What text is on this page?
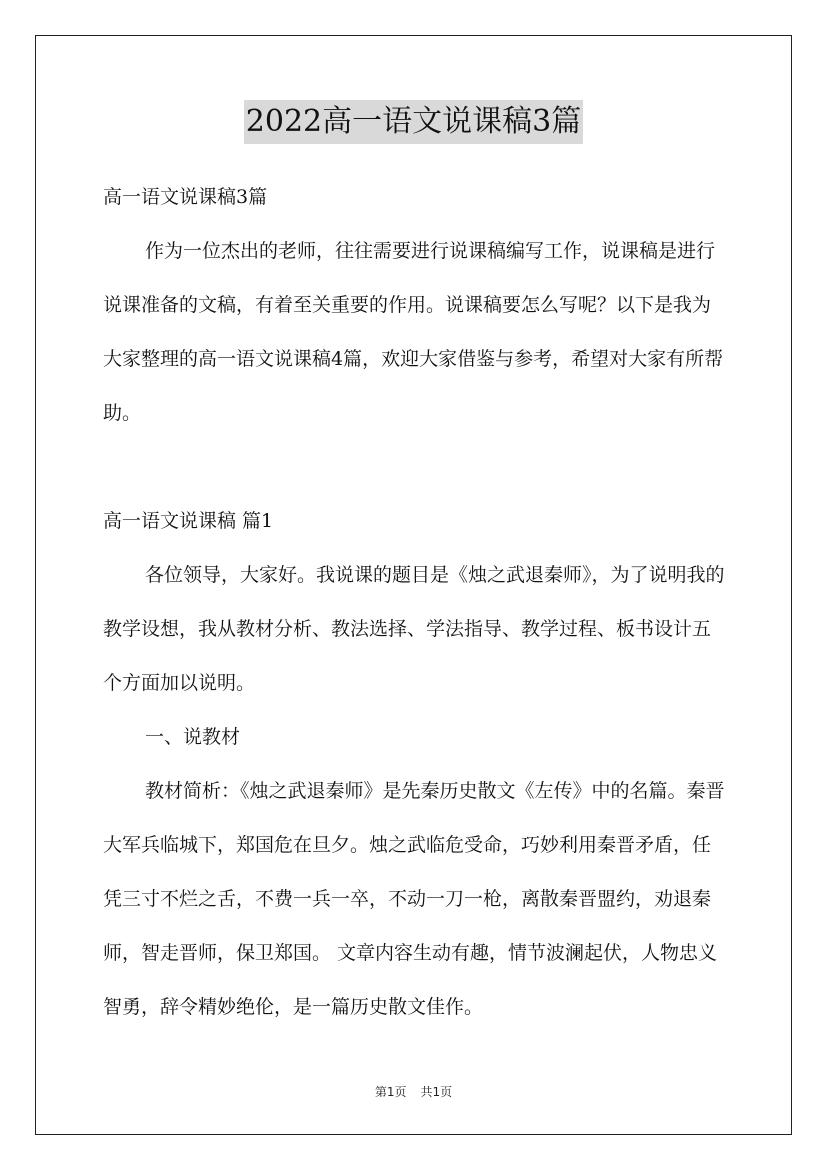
2022高一语文说课稿3篇

高一语文说课稿3篇

作为一位杰出的老师，往往需要进行说课稿编写工作，说课稿是进行说课准备的文稿，有着至关重要的作用。说课稿要怎么写呢？以下是我为大家整理的高一语文说课稿4篇，欢迎大家借鉴与参考，希望对大家有所帮助。

高一语文说课稿 篇1

各位领导，大家好。我说课的题目是《烛之武退秦师》，为了说明我的教学设想，我从教材分析、教法选择、学法指导、教学过程、板书设计五个方面加以说明。

一、说教材

教材简析：《烛之武退秦师》是先秦历史散文《左传》中的名篇。秦晋大军兵临城下，郑国危在旦夕。烛之武临危受命，巧妙利用秦晋矛盾，任凭三寸不烂之舌，不费一兵一卒，不动一刀一枪，离散秦晋盟约，劝退秦师，智走晋师，保卫郑国。 文章内容生动有趣，情节波澜起伏，人物忠义智勇，辞令精妙绝伦，是一篇历史散文佳作。

第1页 共1页
